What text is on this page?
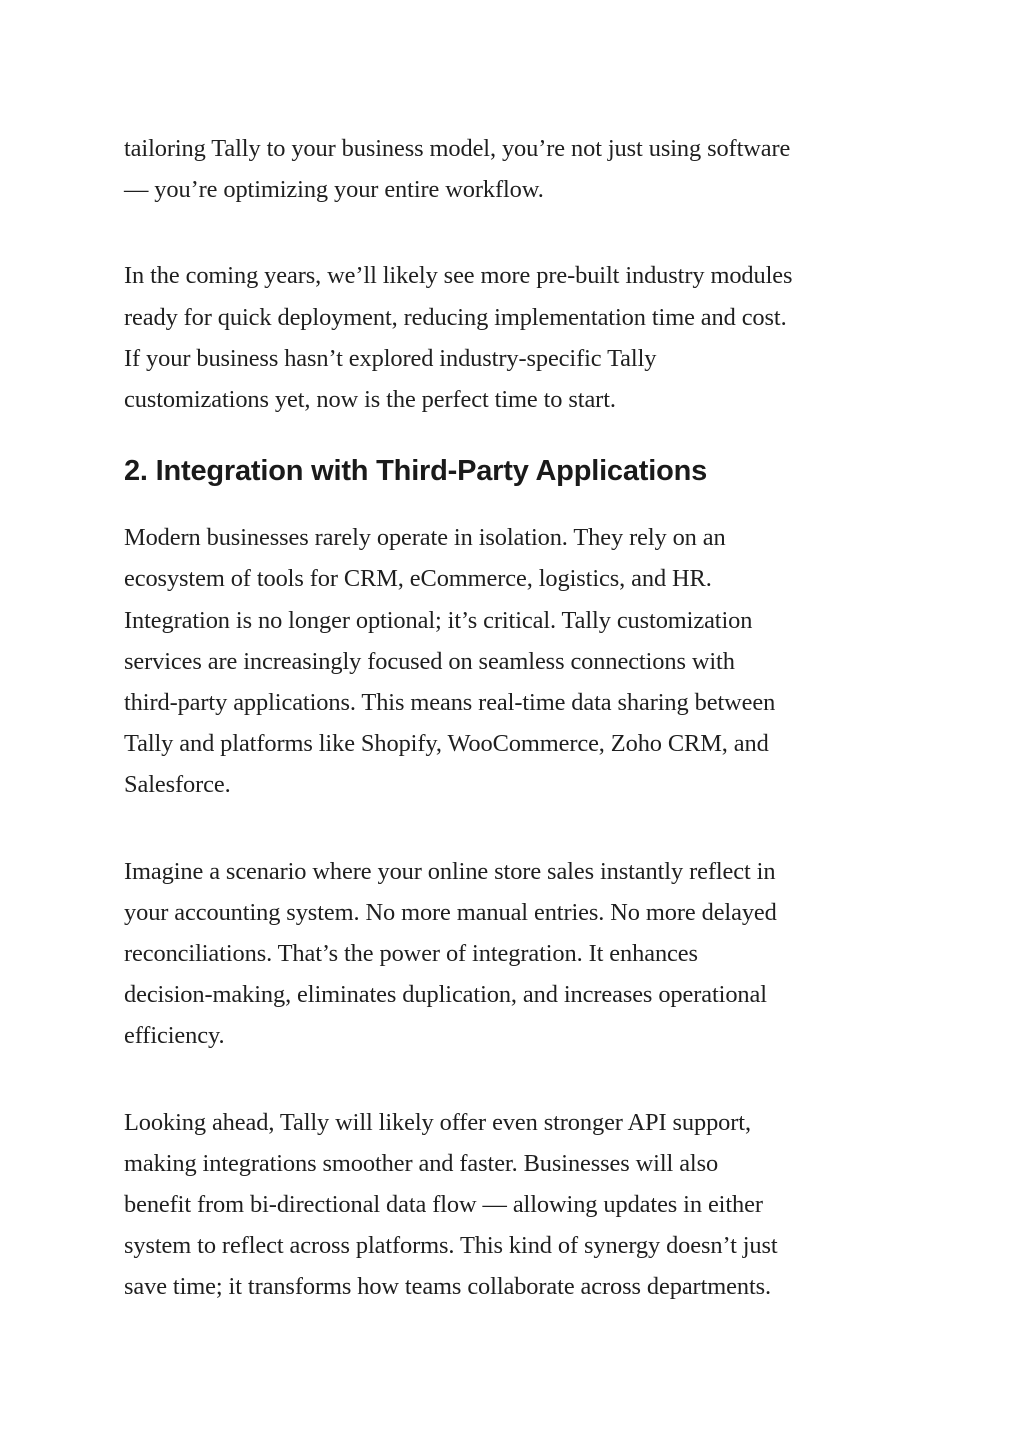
tailoring Tally to your business model, you’re not just using software
— you’re optimizing your entire workflow.

In the coming years, we’ll likely see more pre-built industry modules
ready for quick deployment, reducing implementation time and cost.
If your business hasn’t explored industry-specific Tally
customizations yet, now is the perfect time to start.

2. Integration with Third-Party Applications

Modern businesses rarely operate in isolation. They rely on an
ecosystem of tools for CRM, eCommerce, logistics, and HR.
Integration is no longer optional; it’s critical. Tally customization
services are increasingly focused on seamless connections with
third-party applications. This means real-time data sharing between
Tally and platforms like Shopify, WooCommerce, Zoho CRM, and
Salesforce.

Imagine a scenario where your online store sales instantly reflect in
your accounting system. No more manual entries. No more delayed
reconciliations. That’s the power of integration. It enhances
decision-making, eliminates duplication, and increases operational
efficiency.

Looking ahead, Tally will likely offer even stronger API support,
making integrations smoother and faster. Businesses will also
benefit from bi-directional data flow — allowing updates in either
system to reflect across platforms. This kind of synergy doesn’t just
save time; it transforms how teams collaborate across departments.
